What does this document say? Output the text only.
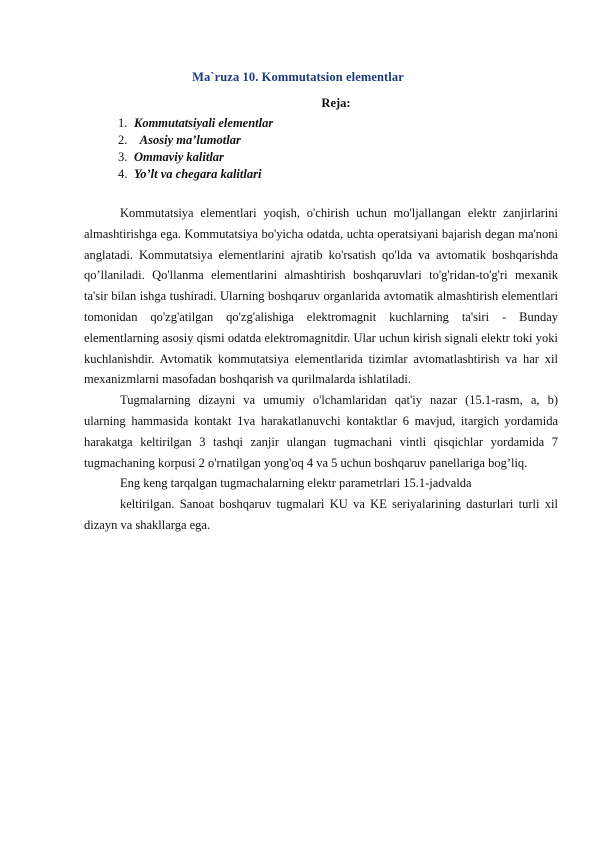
Ma`ruza 10. Kommutatsion elementlar
Reja:
1. Kommutatsiyali elementlar
2.  Asosiy ma’lumotlar
3. Ommaviy kalitlar
4. Yo’lt va chegara kalitlari

Kommutatsiya elementlari yoqish, o'chirish uchun mo'ljallangan elektr zanjirlarini almashtirishga ega. Kommutatsiya bo'yicha odatda, uchta operatsiyani bajarish degan ma'noni anglatadi. Kommutatsiya elementlarini ajratib ko'rsatish qo'lda va avtomatik boshqarishda qo’llaniladi. Qo'llanma elementlarini almashtirish boshqaruvlari to'g'ridan-to'g'ri mexanik ta'sir bilan ishga tushiradi. Ularning boshqaruv organlarida avtomatik almashtirish elementlari tomonidan qo'zg'atilgan qo'zg'alishiga elektromagnit kuchlarning ta'siri - Bunday elementlarning asosiy qismi odatda elektromagnitdir. Ular uchun kirish signali elektr toki yoki kuchlanishdir. Avtomatik kommutatsiya elementlarida tizimlar avtomatlashtirish va har xil mexanizmlarni masofadan boshqarish va qurilmalarda ishlatiladi.

Tugmalarning dizayni va umumiy o'lchamlaridan qat'iy nazar (15.1-rasm, a, b) ularning hammasida kontakt 1va harakatlanuvchi kontaktlar 6 mavjud, itargich yordamida harakatga keltirilgan 3 tashqi zanjir ulangan tugmachani vintli qisqichlar yordamida 7 tugmachaning korpusi 2 o'rnatilgan yong'oq 4 va 5 uchun boshqaruv panellariga bog’liq.

Eng keng tarqalgan tugmachalarning elektr parametrlari 15.1-jadvalda

keltirilgan. Sanoat boshqaruv tugmalari KU va KE seriyalarining dasturlari turli xil dizayn va shakllarga ega.
